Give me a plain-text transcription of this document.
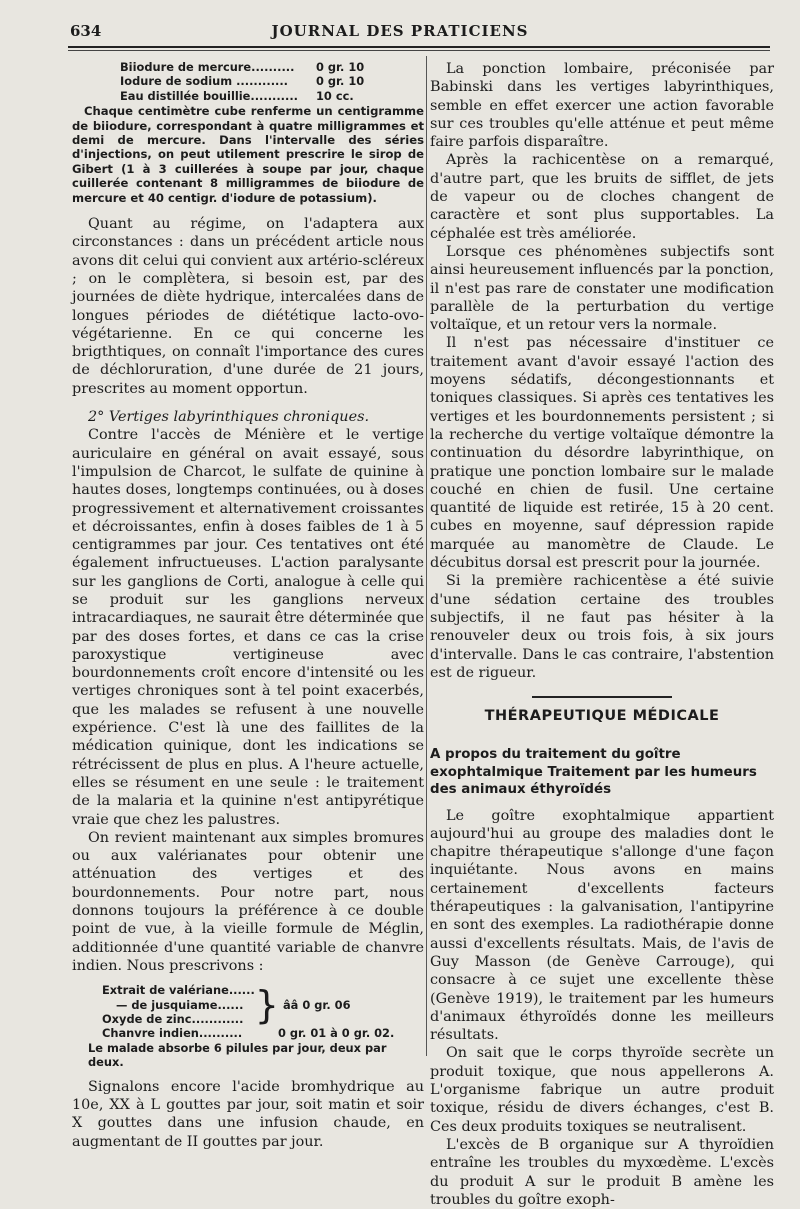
634	JOURNAL DES PRATICIENS
Biiodure de mercure..........	0 gr. 10
Iodure de sodium ............	0 gr. 10
Eau distillée bouillie...........	10 cc.

Chaque centimètre cube renferme un centigramme de biiodure, correspondant à quatre milligrammes et demi de mercure. Dans l'intervalle des séries d'injections, on peut utilement prescrire le sirop de Gibert (1 à 3 cuillerées à soupe par jour, chaque cuillerée contenant 8 milligrammes de biiodure de mercure et 40 centigr. d'iodure de potassium).

Quant au régime, on l'adaptera aux circonstances : dans un précédent article nous avons dit celui qui convient aux artério-scléreux ; on le complètera, si besoin est, par des journées de diète hydrique, intercalées dans de longues périodes de diététique lacto-ovo-végétarienne. En ce qui concerne les brigthtiques, on connaît l'importance des cures de déchloruration, d'une durée de 21 jours, prescrites au moment opportun.

2° Vertiges labyrinthiques chroniques.

Contre l'accès de Ménière et le vertige auriculaire en général on avait essayé, sous l'impulsion de Charcot, le sulfate de quinine à hautes doses, longtemps continuées, ou à doses progressivement et alternativement croissantes et décroissantes, enfin à doses faibles de 1 à 5 centigrammes par jour. Ces tentatives ont été également infructueuses. L'action paralysante sur les ganglions de Corti, analogue à celle qui se produit sur les ganglions nerveux intracardiaques, ne saurait être déterminée que par des doses fortes, et dans ce cas la crise paroxystique vertigineuse avec bourdonnements croît encore d'intensité ou les vertiges chroniques sont à tel point exacerbés, que les malades se refusent à une nouvelle expérience. C'est là une des faillites de la médication quinique, dont les indications se rétrécissent de plus en plus. A l'heure actuelle, elles se résument en une seule : le traitement de la malaria et la quinine n'est antipyrétique vraie que chez les palustres.

On revient maintenant aux simples bromures ou aux valérianates pour obtenir une atténuation des vertiges et des bourdonnements. Pour notre part, nous donnons toujours la préférence à ce double point de vue, à la vieille formule de Méglin, additionnée d'une quantité variable de chanvre indien. Nous prescrivons :

Extrait de valériane......
— de jusquiame......
Oxyde de zinc............ } ââ 0 gr. 06
Chanvre indien..........	0 gr. 01 à 0 gr. 02.
Le malade absorbe 6 pilules par jour, deux par deux.

Signalons encore l'acide bromhydrique au 10e, XX à L gouttes par jour, soit matin et soir X gouttes dans une infusion chaude, en augmentant de II gouttes par jour.

La ponction lombaire, préconisée par Babinski dans les vertiges labyrinthiques, semble en effet exercer une action favorable sur ces troubles qu'elle atténue et peut même faire parfois disparaître.

Après la rachicentèse on a remarqué, d'autre part, que les bruits de sifflet, de jets de vapeur ou de cloches changent de caractère et sont plus supportables. La céphalée est très améliorée.

Lorsque ces phénomènes subjectifs sont ainsi heureusement influencés par la ponction, il n'est pas rare de constater une modification parallèle de la perturbation du vertige voltaïque, et un retour vers la normale.

Il n'est pas nécessaire d'instituer ce traitement avant d'avoir essayé l'action des moyens sédatifs, décongestionnants et toniques classiques. Si après ces tentatives les vertiges et les bourdonnements persistent ; si la recherche du vertige voltaïque démontre la continuation du désordre labyrinthique, on pratique une ponction lombaire sur le malade couché en chien de fusil. Une certaine quantité de liquide est retirée, 15 à 20 cent. cubes en moyenne, sauf dépression rapide marquée au manomètre de Claude. Le décubitus dorsal est prescrit pour la journée.

Si la première rachicentèse a été suivie d'une sédation certaine des troubles subjectifs, il ne faut pas hésiter à la renouveler deux ou trois fois, à six jours d'intervalle. Dans le cas contraire, l'abstention est de rigueur.

THÉRAPEUTIQUE MÉDICALE
A propos du traitement du goître exophtalmique Traitement par les humeurs des animaux éthyroïdés

Le goître exophtalmique appartient aujourd'hui au groupe des maladies dont le chapitre thérapeutique s'allonge d'une façon inquiétante. Nous avons en mains certainement d'excellents facteurs thérapeutiques : la galvanisation, l'antipyrine en sont des exemples. La radiothérapie donne aussi d'excellents résultats. Mais, de l'avis de Guy Masson (de Genève Carrouge), qui consacre à ce sujet une excellente thèse (Genève 1919), le traitement par les humeurs d'animaux éthyroïdés donne les meilleurs résultats.

On sait que le corps thyroïde secrète un produit toxique, que nous appellerons A. L'organisme fabrique un autre produit toxique, résidu de divers échanges, c'est B. Ces deux produits toxiques se neutralisent.

L'excès de B organique sur A thyroïdien entraîne les troubles du myxœdème. L'excès du produit A sur le produit B amène les troubles du goître exoph-
